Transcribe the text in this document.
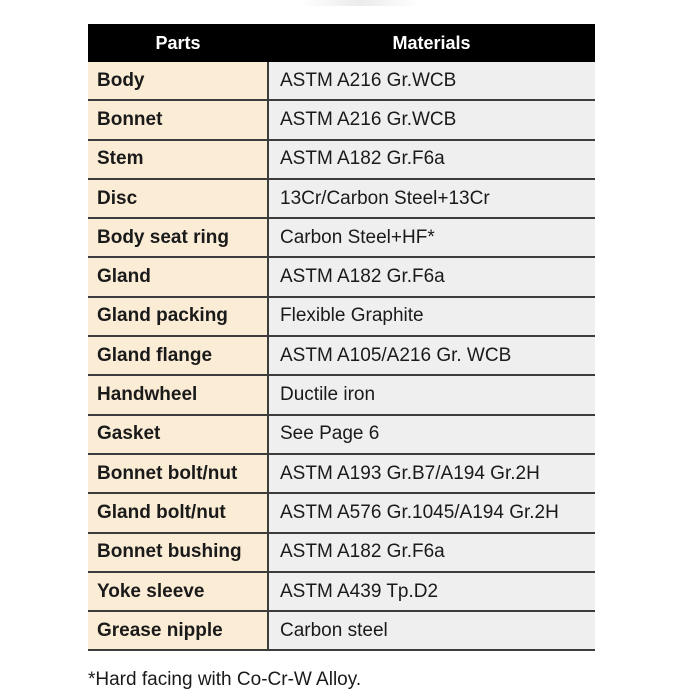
Parts	Materials
Body	ASTM A216 Gr.WCB
Bonnet	ASTM A216 Gr.WCB
Stem	ASTM A182 Gr.F6a
Disc	13Cr/Carbon Steel+13Cr
Body seat ring	Carbon Steel+HF*
Gland	ASTM A182 Gr.F6a
Gland packing	Flexible Graphite
Gland flange	ASTM A105/A216 Gr. WCB
Handwheel	Ductile iron
Gasket	See Page 6
Bonnet bolt/nut	ASTM A193 Gr.B7/A194 Gr.2H
Gland bolt/nut	ASTM A576 Gr.1045/A194 Gr.2H
Bonnet bushing	ASTM A182 Gr.F6a
Yoke sleeve	ASTM A439 Tp.D2
Grease nipple	Carbon steel
*Hard facing with Co-Cr-W Alloy.
